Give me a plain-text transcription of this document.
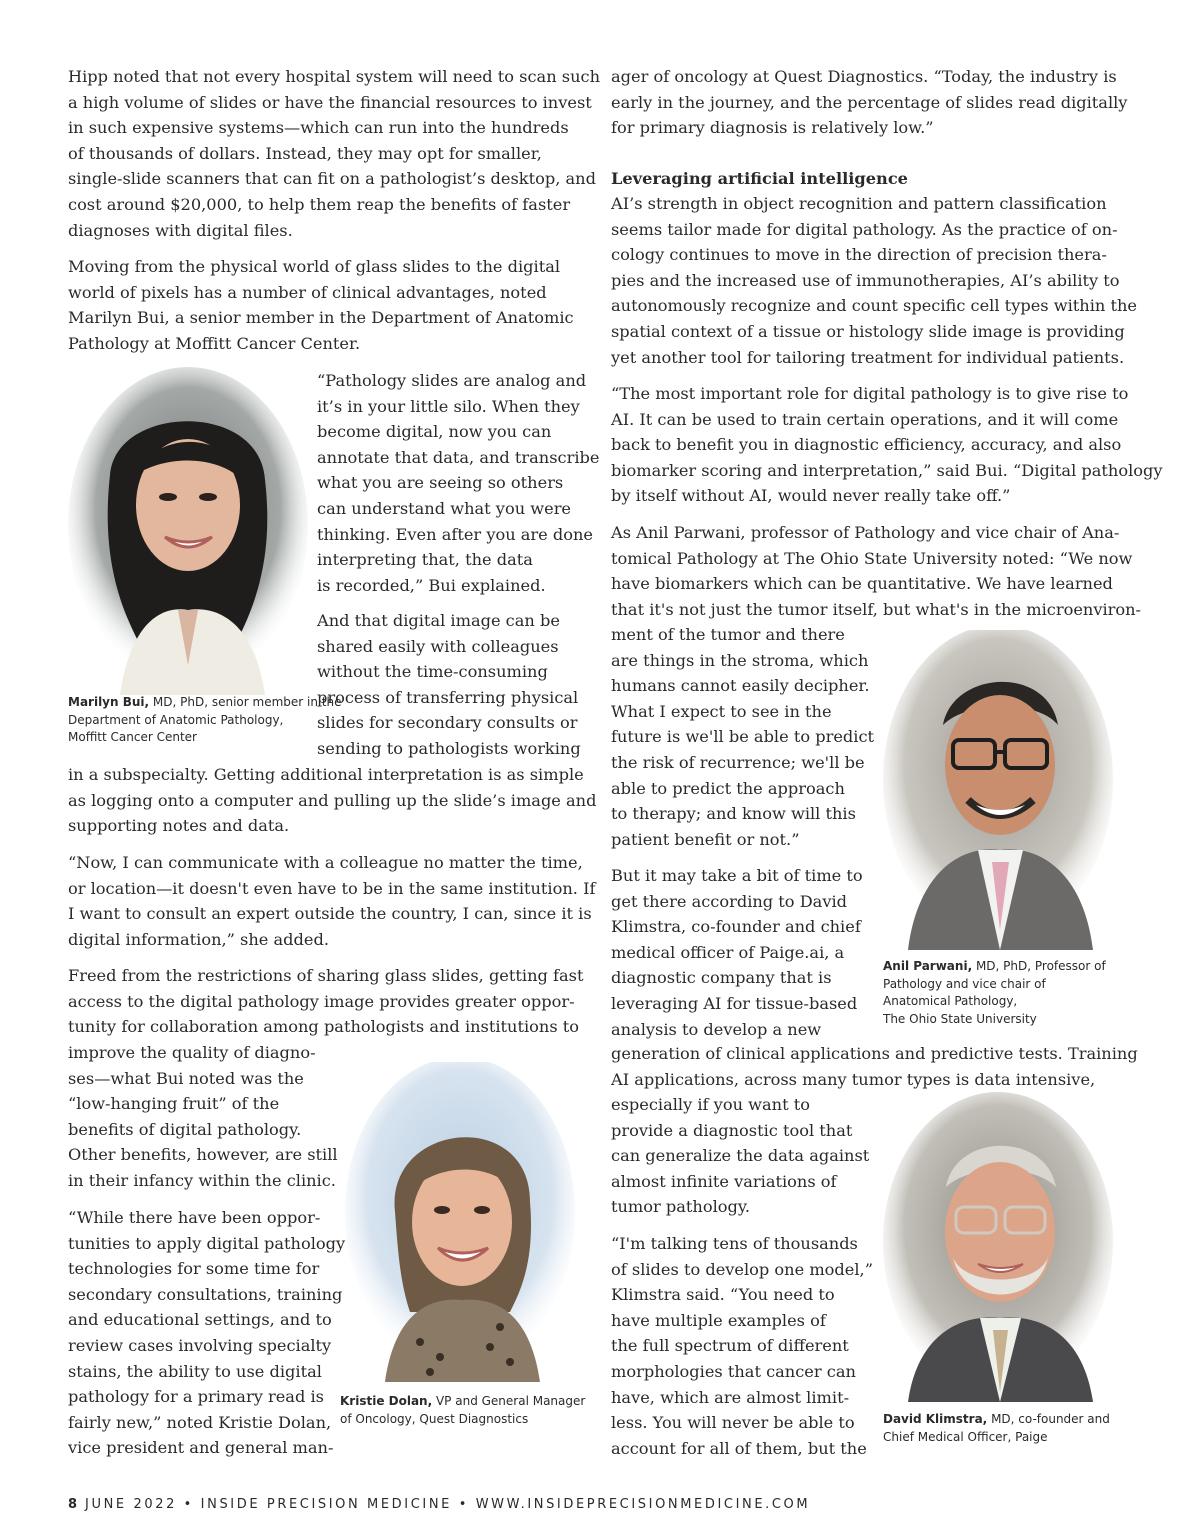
Hipp noted that not every hospital system will need to scan such
a high volume of slides or have the financial resources to invest
in such expensive systems—which can run into the hundreds
of thousands of dollars. Instead, they may opt for smaller,
single-slide scanners that can fit on a pathologist’s desktop, and
cost around $20,000, to help them reap the benefits of faster
diagnoses with digital files.
Moving from the physical world of glass slides to the digital
world of pixels has a number of clinical advantages, noted
Marilyn Bui, a senior member in the Department of Anatomic
Pathology at Moffitt Cancer Center.
“Pathology slides are analog and
it’s in your little silo. When they
become digital, now you can
annotate that data, and transcribe
what you are seeing so others
can understand what you were
thinking. Even after you are done
interpreting that, the data
is recorded,” Bui explained.
And that digital image can be
shared easily with colleagues
without the time-consuming
process of transferring physical
slides for secondary consults or
sending to pathologists working
in a subspecialty. Getting additional interpretation is as simple
as logging onto a computer and pulling up the slide’s image and
supporting notes and data.
“Now, I can communicate with a colleague no matter the time,
or location—it doesn't even have to be in the same institution. If
I want to consult an expert outside the country, I can, since it is
digital information,” she added.
Freed from the restrictions of sharing glass slides, getting fast
access to the digital pathology image provides greater oppor-
tunity for collaboration among pathologists and institutions to
improve the quality of diagno-
ses—what Bui noted was the
“low-hanging fruit” of the
benefits of digital pathology.
Other benefits, however, are still
in their infancy within the clinic.
“While there have been oppor-
tunities to apply digital pathology
technologies for some time for
secondary consultations, training
and educational settings, and to
review cases involving specialty
stains, the ability to use digital
pathology for a primary read is
fairly new,” noted Kristie Dolan,
vice president and general man-
Marilyn Bui, MD, PhD, senior member in the
Department of Anatomic Pathology,
Moffitt Cancer Center
Kristie Dolan, VP and General Manager
of Oncology, Quest Diagnostics
ager of oncology at Quest Diagnostics. “Today, the industry is
early in the journey, and the percentage of slides read digitally
for primary diagnosis is relatively low.”
Leveraging artificial intelligence
AI’s strength in object recognition and pattern classification
seems tailor made for digital pathology. As the practice of on-
cology continues to move in the direction of precision thera-
pies and the increased use of immunotherapies, AI’s ability to
autonomously recognize and count specific cell types within the
spatial context of a tissue or histology slide image is providing
yet another tool for tailoring treatment for individual patients.
“The most important role for digital pathology is to give rise to
AI. It can be used to train certain operations, and it will come
back to benefit you in diagnostic efficiency, accuracy, and also
biomarker scoring and interpretation,” said Bui. “Digital pathology
by itself without AI, would never really take off.”
As Anil Parwani, professor of Pathology and vice chair of Ana-
tomical Pathology at The Ohio State University noted: “We now
have biomarkers which can be quantitative. We have learned
that it's not just the tumor itself, but what's in the microenviron-
ment of the tumor and there
are things in the stroma, which
humans cannot easily decipher.
What I expect to see in the
future is we'll be able to predict
the risk of recurrence; we'll be
able to predict the approach
to therapy; and know will this
patient benefit or not.”
But it may take a bit of time to
get there according to David
Klimstra, co-founder and chief
medical officer of Paige.ai, a
diagnostic company that is
leveraging AI for tissue-based
analysis to develop a new
generation of clinical applications and predictive tests. Training
AI applications, across many tumor types is data intensive,
especially if you want to
provide a diagnostic tool that
can generalize the data against
almost infinite variations of
tumor pathology.
“I'm talking tens of thousands
of slides to develop one model,”
Klimstra said. “You need to
have multiple examples of
the full spectrum of different
morphologies that cancer can
have, which are almost limit-
less. You will never be able to
account for all of them, but the
Anil Parwani, MD, PhD, Professor of
Pathology and vice chair of
Anatomical Pathology,
The Ohio State University
David Klimstra, MD, co-founder and
Chief Medical Officer, Paige
8 JUNE 2022 • INSIDE PRECISION MEDICINE • WWW.INSIDEPRECISIONMEDICINE.COM
